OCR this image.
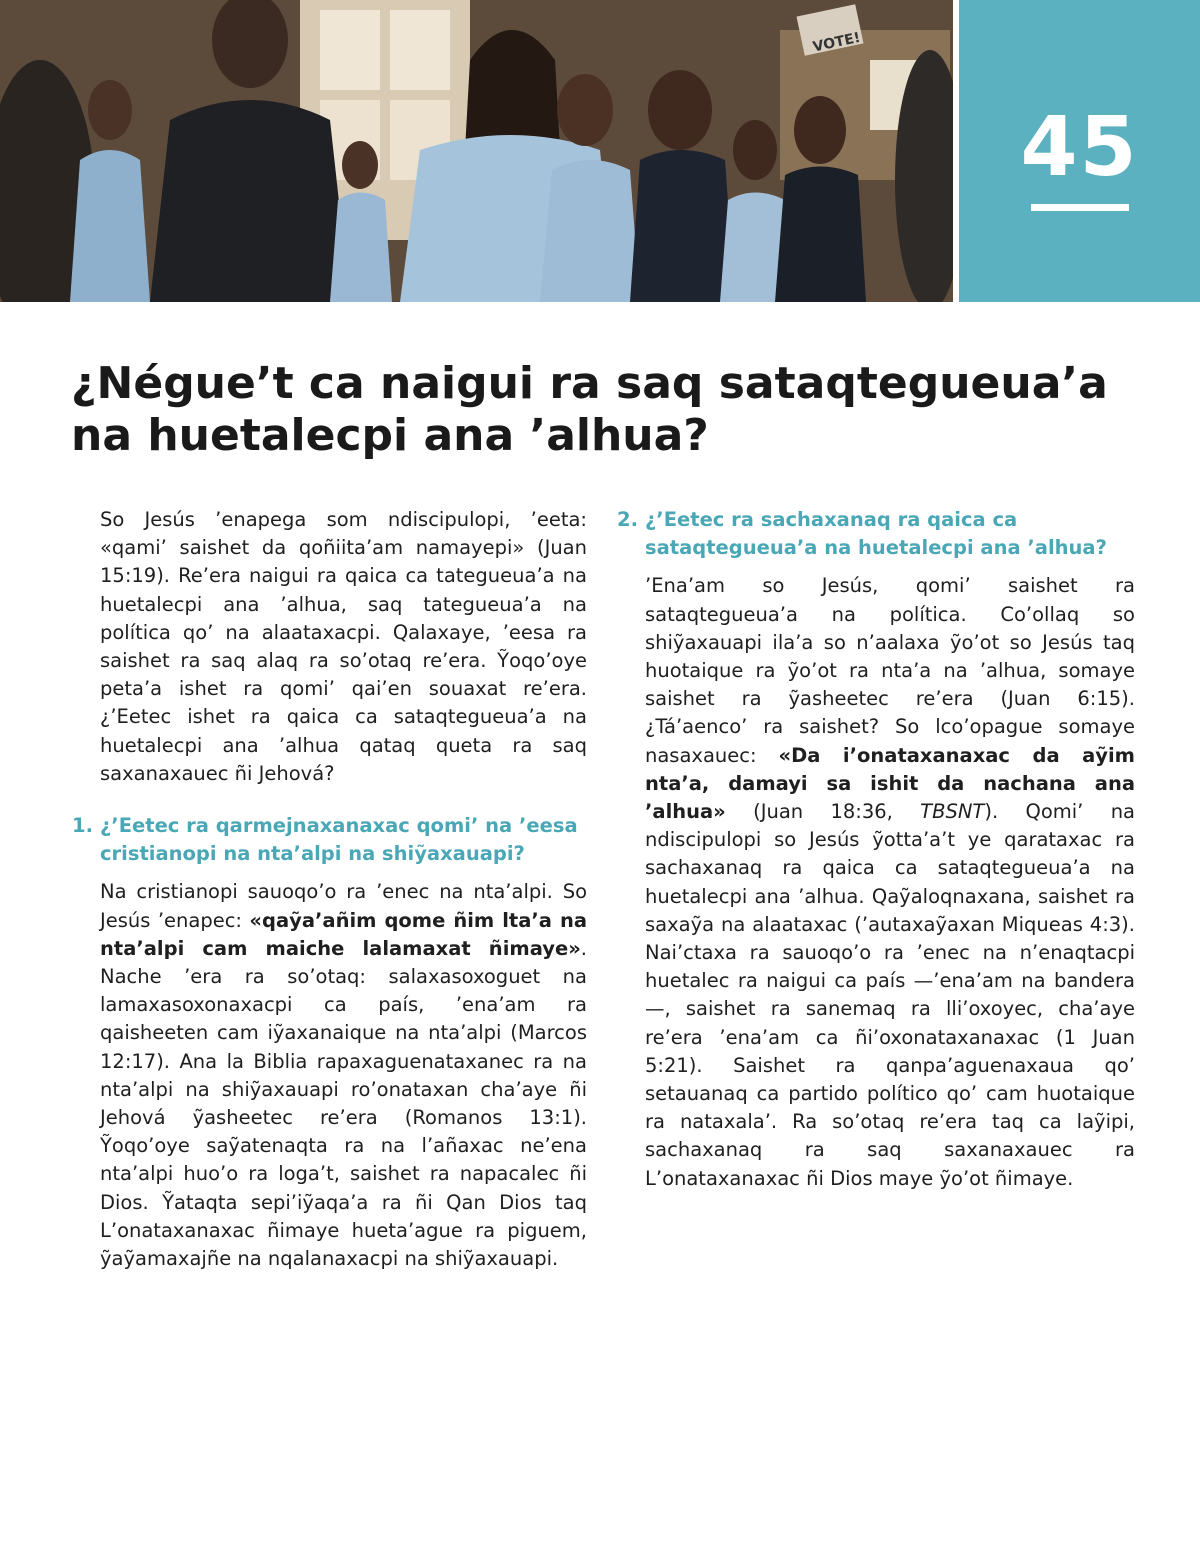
VOTE!
45
¿Négue’t ca naigui ra saq sataqtegueua’a na huetalecpi ana ’alhua?

So Jesús ’enapega som ndiscipulopi, ’eeta: «qami’ saishet da qoñiita’am namayepi» (Juan 15:19). Re’era naigui ra qaica ca tategueua’a na huetalecpi ana ’alhua, saq tategueua’a na política qo’ na alaataxacpi. Qalaxaye, ’eesa ra saishet ra saq alaq ra so’otaq re’era. Ỹoqo’oye peta’a ishet ra qomi’ qai’en souaxat re’era. ¿’Eetec ishet ra qaica ca sataqtegueua’a na huetalecpi ana ’alhua qataq queta ra saq saxanaxauec ñi Jehová?

1. ¿’Eetec ra qarmejnaxanaxac qomi’ na ’eesa cristianopi na nta’alpi na shiỹaxauapi?

Na cristianopi sauoqo’o ra ’enec na nta’alpi. So Jesús ’enapec: «qaỹa’añim qome ñim lta’a na nta’alpi cam maiche lalamaxat ñimaye». Nache ’era ra so’otaq: salaxasoxoguet na lamaxasoxonaxacpi ca país, ’ena’am ra qaisheeten cam iỹaxanaique na nta’alpi (Marcos 12:17). Ana la Biblia rapaxaguenataxanec ra na nta’alpi na shiỹaxauapi ro’onataxan cha’aye ñi Jehová ỹasheetec re’era (Romanos 13:1). Ỹoqo’oye saỹatenaqta ra na l’añaxac ne’ena nta’alpi huo’o ra loga’t, saishet ra napacalec ñi Dios. Ỹataqta sepi’iỹaqa’a ra ñi Qan Dios taq L’onataxanaxac ñimaye hueta’ague ra piguem, ỹaỹamaxajñe na nqalanaxacpi na shiỹaxauapi.

2. ¿’Eetec ra sachaxanaq ra qaica ca sataqtegueua’a na huetalecpi ana ’alhua?

’Ena’am so Jesús, qomi’ saishet ra sataqtegueua’a na política. Co’ollaq so shiỹaxauapi ila’a so n’aalaxa ỹo’ot so Jesús taq huotaique ra ỹo’ot ra nta’a na ’alhua, somaye saishet ra ỹasheetec re’era (Juan 6:15). ¿Tá’aenco’ ra saishet? So lco’opague somaye nasaxauec: «Da i’onataxanaxac da aỹim nta’a, damayi sa ishit da nachana ana ’alhua» (Juan 18:36, TBSNT). Qomi’ na ndiscipulopi so Jesús ỹotta’a’t ye qarataxac ra sachaxanaq ra qaica ca sataqtegueua’a na huetalecpi ana ’alhua. Qaỹaloqnaxana, saishet ra saxaỹa na alaataxac (’autaxaỹaxan Miqueas 4:3). Nai’ctaxa ra sauoqo’o ra ’enec na n’enaqtacpi huetalec ra naigui ca país —’ena’am na bandera—, saishet ra sanemaq ra lli’oxoyec, cha’aye re’era ’ena’am ca ñi’oxonataxanaxac (1 Juan 5:21). Saishet ra qanpa’aguenaxaua qo’ setauanaq ca partido político qo’ cam huotaique ra nataxala’. Ra so’otaq re’era taq ca laỹipi, sachaxanaq ra saq saxanaxauec ra L’onataxanaxac ñi Dios maye ỹo’ot ñimaye.
